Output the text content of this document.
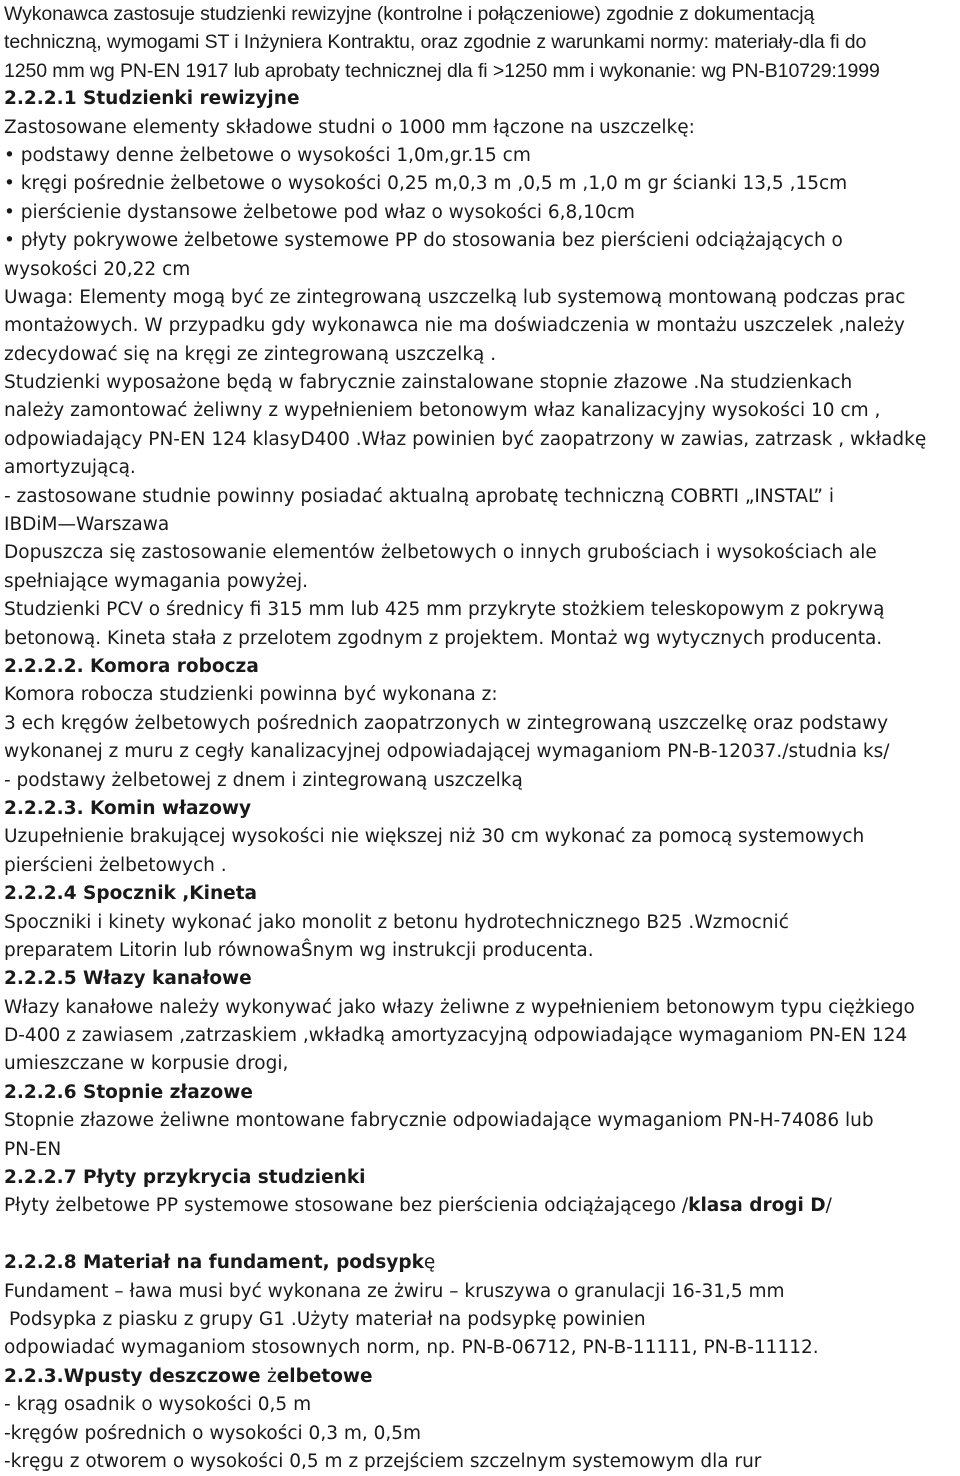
Wykonawca zastosuje studzienki rewizyjne (kontrolne i połączeniowe) zgodnie z dokumentacją
techniczną, wymogami ST i Inżyniera Kontraktu, oraz zgodnie z warunkami normy: materiały-dla fi do
1250 mm wg PN-EN 1917 lub aprobaty technicznej dla fi >1250 mm i wykonanie: wg PN-B10729:1999
2.2.2.1 Studzienki rewizyjne
Zastosowane elementy składowe studni o 1000 mm łączone na uszczelkę:
• podstawy denne żelbetowe o wysokości 1,0m,gr.15 cm
• kręgi pośrednie żelbetowe o wysokości 0,25 m,0,3 m ,0,5 m ,1,0 m gr ścianki 13,5 ,15cm
• pierścienie dystansowe żelbetowe pod właz o wysokości 6,8,10cm
• płyty pokrywowe żelbetowe systemowe PP do stosowania bez pierścieni odciążających o
wysokości 20,22 cm
Uwaga: Elementy mogą być ze zintegrowaną uszczelką lub systemową montowaną podczas prac
montażowych. W przypadku gdy wykonawca nie ma doświadczenia w montażu uszczelek ,należy
zdecydować się na kręgi ze zintegrowaną uszczelką .
Studzienki wyposażone będą w fabrycznie zainstalowane stopnie złazowe .Na studzienkach
należy zamontować żeliwny z wypełnieniem betonowym właz kanalizacyjny wysokości 10 cm ,
odpowiadający PN-EN 124 klasyD400 .Właz powinien być zaopatrzony w zawias, zatrzask , wkładkę
amortyzującą.
- zastosowane studnie powinny posiadać aktualną aprobatę techniczną COBRTI „INSTAL” i
IBDiM—Warszawa
Dopuszcza się zastosowanie elementów żelbetowych o innych grubościach i wysokościach ale
spełniające wymagania powyżej.
Studzienki PCV o średnicy fi 315 mm lub 425 mm przykryte stożkiem teleskopowym z pokrywą
betonową. Kineta stała z przelotem zgodnym z projektem. Montaż wg wytycznych producenta.
2.2.2.2. Komora robocza
Komora robocza studzienki powinna być wykonana z:
3 ech kręgów żelbetowych pośrednich zaopatrzonych w zintegrowaną uszczelkę oraz podstawy
wykonanej z muru z cegły kanalizacyjnej odpowiadającej wymaganiom PN-B-12037./studnia ks/
- podstawy żelbetowej z dnem i zintegrowaną uszczelką
2.2.2.3. Komin włazowy
Uzupełnienie brakującej wysokości nie większej niż 30 cm wykonać za pomocą systemowych
pierścieni żelbetowych .
2.2.2.4 Spocznik ,Kineta
Spoczniki i kinety wykonać jako monolit z betonu hydrotechnicznego B25 .Wzmocnić
preparatem Litorin lub równowaŜnym wg instrukcji producenta.
2.2.2.5 Włazy kanałowe
Włazy kanałowe należy wykonywać jako włazy żeliwne z wypełnieniem betonowym typu ciężkiego
D-400 z zawiasem ,zatrzaskiem ,wkładką amortyzacyjną odpowiadające wymaganiom PN-EN 124
umieszczane w korpusie drogi,
2.2.2.6 Stopnie złazowe
Stopnie złazowe żeliwne montowane fabrycznie odpowiadające wymaganiom PN-H-74086 lub
PN-EN
2.2.2.7 Płyty przykrycia studzienki
Płyty żelbetowe PP systemowe stosowane bez pierścienia odciążającego /klasa drogi D/
2.2.2.8 Materiał na fundament, podsypkę
Fundament – ława musi być wykonana ze żwiru – kruszywa o granulacji 16-31,5 mm
Podsypka z piasku z grupy G1 .Użyty materiał na podsypkę powinien
odpowiadać wymaganiom stosownych norm, np. PN-B-06712, PN-B-11111, PN-B-11112.
2.2.3.Wpusty deszczowe żelbetowe
- krąg osadnik o wysokości 0,5 m
-kręgów pośrednich o wysokości 0,3 m, 0,5m
-kręgu z otworem o wysokości 0,5 m z przejściem szczelnym systemowym dla rur
